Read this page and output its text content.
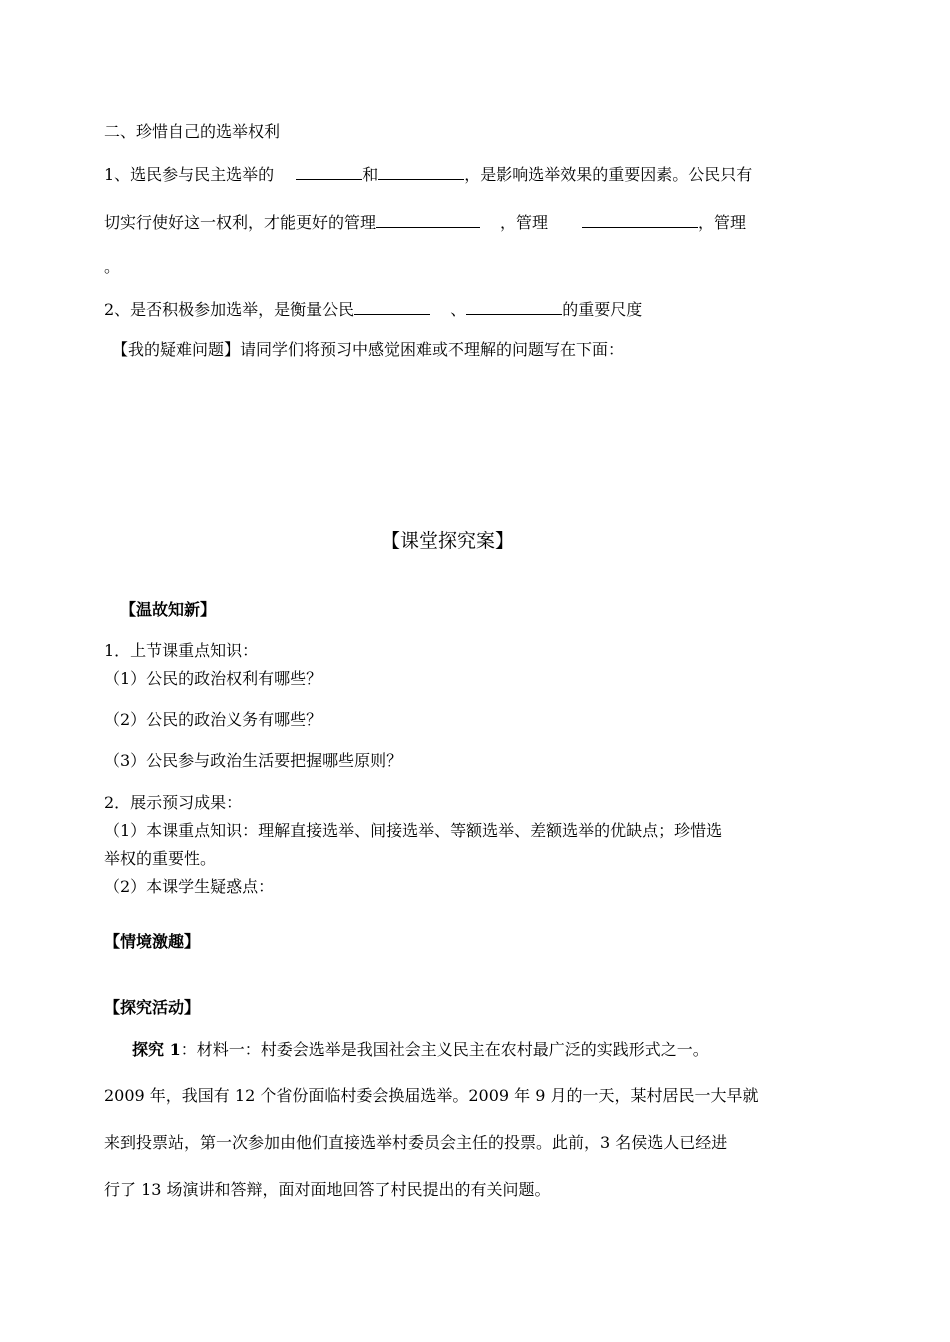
二、珍惜自己的选举权利
1、选民参与民主选举的	和	，是影响选举效果的重要因素。公民只有
切实行使好这一权利，才能更好的管理	，管理	，管理
。
2、是否积极参加选举，是衡量公民	、	的重要尺度
【我的疑难问题】请同学们将预习中感觉困难或不理解的问题写在下面：
【课堂探究案】
【温故知新】
1．上节课重点知识：
（1）公民的政治权利有哪些？
（2）公民的政治义务有哪些？
（3）公民参与政治生活要把握哪些原则？
2．展示预习成果：
（1）本课重点知识：理解直接选举、间接选举、等额选举、差额选举的优缺点；珍惜选
举权的重要性。
（2）本课学生疑惑点：
【情境激趣】
【探究活动】
探究 1：材料一：村委会选举是我国社会主义民主在农村最广泛的实践形式之一。
2009 年，我国有 12 个省份面临村委会换届选举。2009 年 9 月的一天，某村居民一大早就
来到投票站，第一次参加由他们直接选举村委员会主任的投票。此前，3 名侯选人已经进
行了 13 场演讲和答辩，面对面地回答了村民提出的有关问题。
